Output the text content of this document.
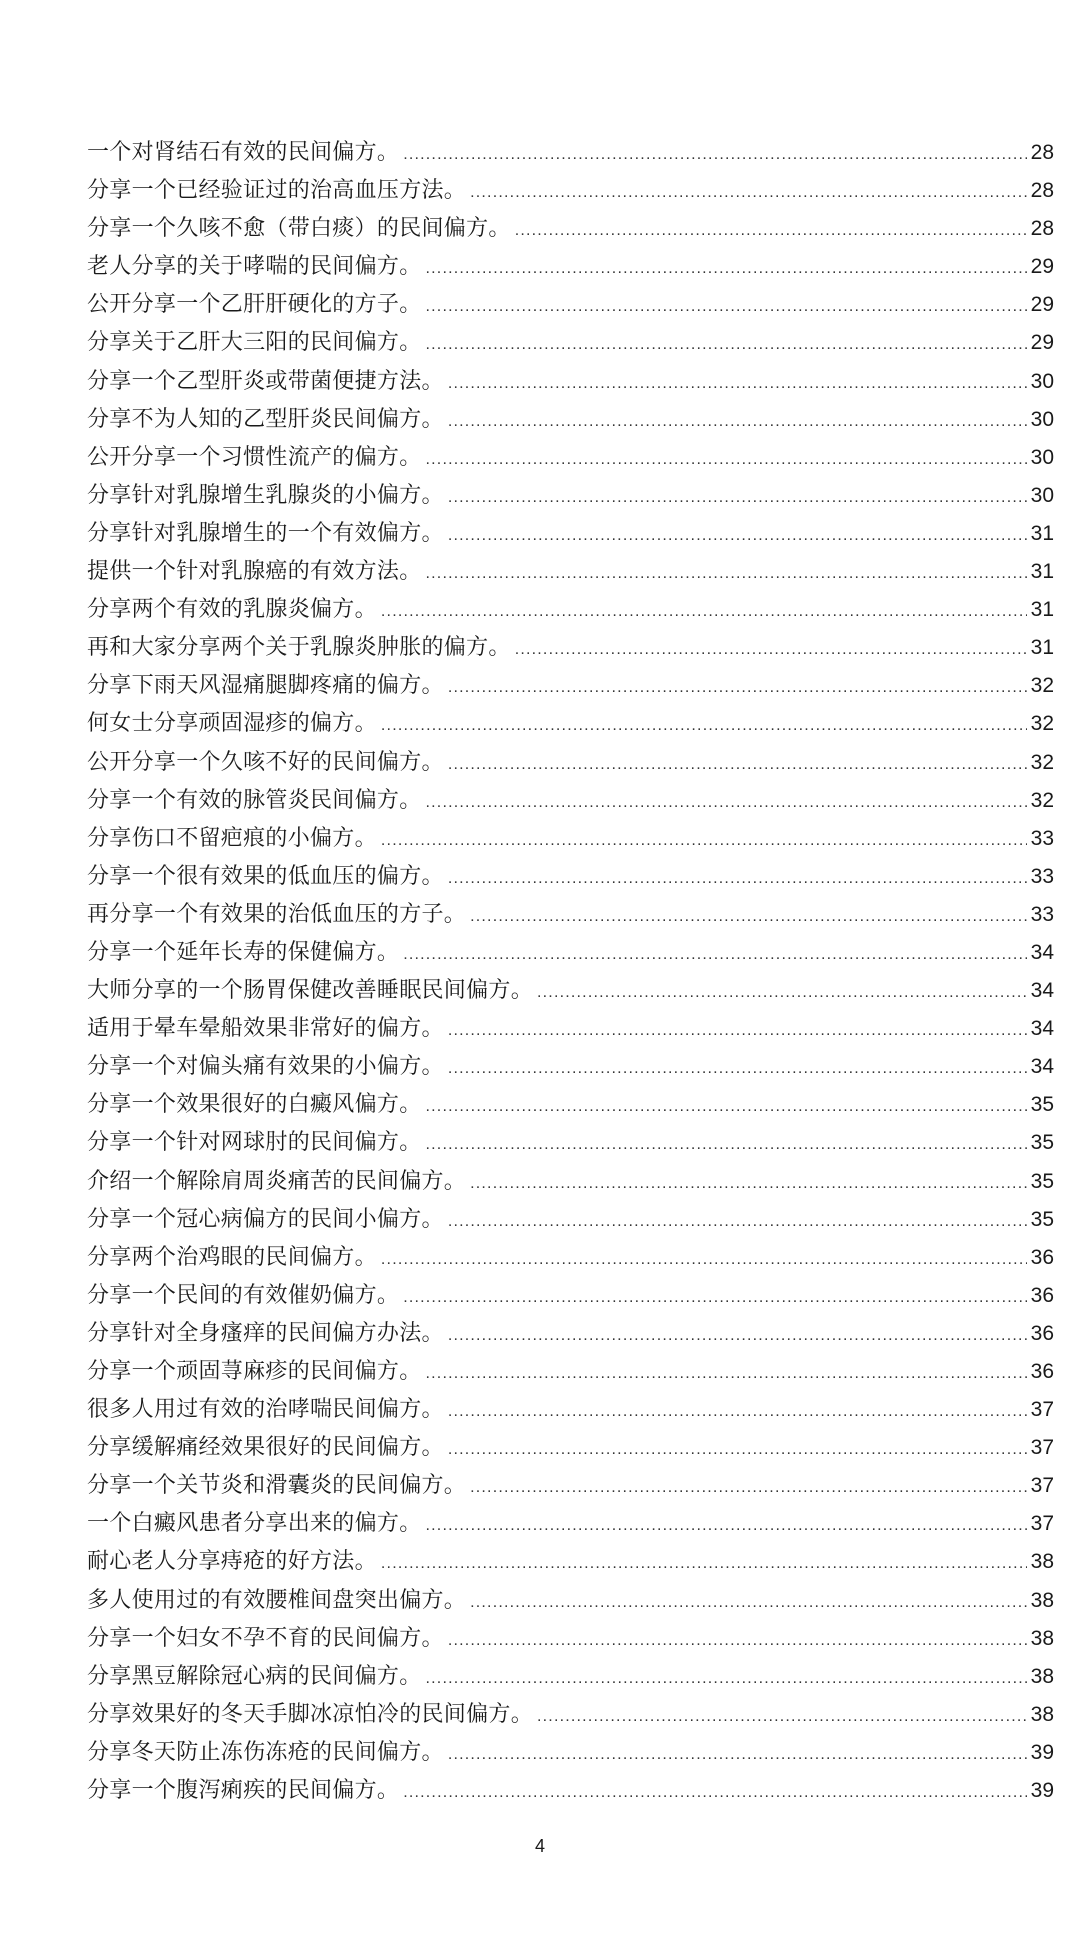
一个对肾结石有效的民间偏方。 .....	28
分享一个已经验证过的治高血压方法。 .....	28
分享一个久咳不愈（带白痰）的民间偏方。 .....	28
老人分享的关于哮喘的民间偏方。 .....	29
公开分享一个乙肝肝硬化的方子。 .....	29
分享关于乙肝大三阳的民间偏方。 .....	29
分享一个乙型肝炎或带菌便捷方法。 .....	30
分享不为人知的乙型肝炎民间偏方。 .....	30
公开分享一个习惯性流产的偏方。 .....	30
分享针对乳腺增生乳腺炎的小偏方。 .....	30
分享针对乳腺增生的一个有效偏方。 .....	31
提供一个针对乳腺癌的有效方法。 .....	31
分享两个有效的乳腺炎偏方。 .....	31
再和大家分享两个关于乳腺炎肿胀的偏方。 .....	31
分享下雨天风湿痛腿脚疼痛的偏方。 .....	32
何女士分享顽固湿疹的偏方。 .....	32
公开分享一个久咳不好的民间偏方。 .....	32
分享一个有效的脉管炎民间偏方。 .....	32
分享伤口不留疤痕的小偏方。 .....	33
分享一个很有效果的低血压的偏方。 .....	33
再分享一个有效果的治低血压的方子。 .....	33
分享一个延年长寿的保健偏方。 .....	34
大师分享的一个肠胃保健改善睡眠民间偏方。 .....	34
适用于晕车晕船效果非常好的偏方。 .....	34
分享一个对偏头痛有效果的小偏方。 .....	34
分享一个效果很好的白癜风偏方。 .....	35
分享一个针对网球肘的民间偏方。 .....	35
介绍一个解除肩周炎痛苦的民间偏方。 .....	35
分享一个冠心病偏方的民间小偏方。 .....	35
分享两个治鸡眼的民间偏方。 .....	36
分享一个民间的有效催奶偏方。 .....	36
分享针对全身瘙痒的民间偏方办法。 .....	36
分享一个顽固荨麻疹的民间偏方。 .....	36
很多人用过有效的治哮喘民间偏方。 .....	37
分享缓解痛经效果很好的民间偏方。 .....	37
分享一个关节炎和滑囊炎的民间偏方。 .....	37
一个白癜风患者分享出来的偏方。 .....	37
耐心老人分享痔疮的好方法。 .....	38
多人使用过的有效腰椎间盘突出偏方。 .....	38
分享一个妇女不孕不育的民间偏方。 .....	38
分享黑豆解除冠心病的民间偏方。 .....	38
分享效果好的冬天手脚冰凉怕冷的民间偏方。 .....	38
分享冬天防止冻伤冻疮的民间偏方。 .....	39
分享一个腹泻痢疾的民间偏方。 .....	39
4
